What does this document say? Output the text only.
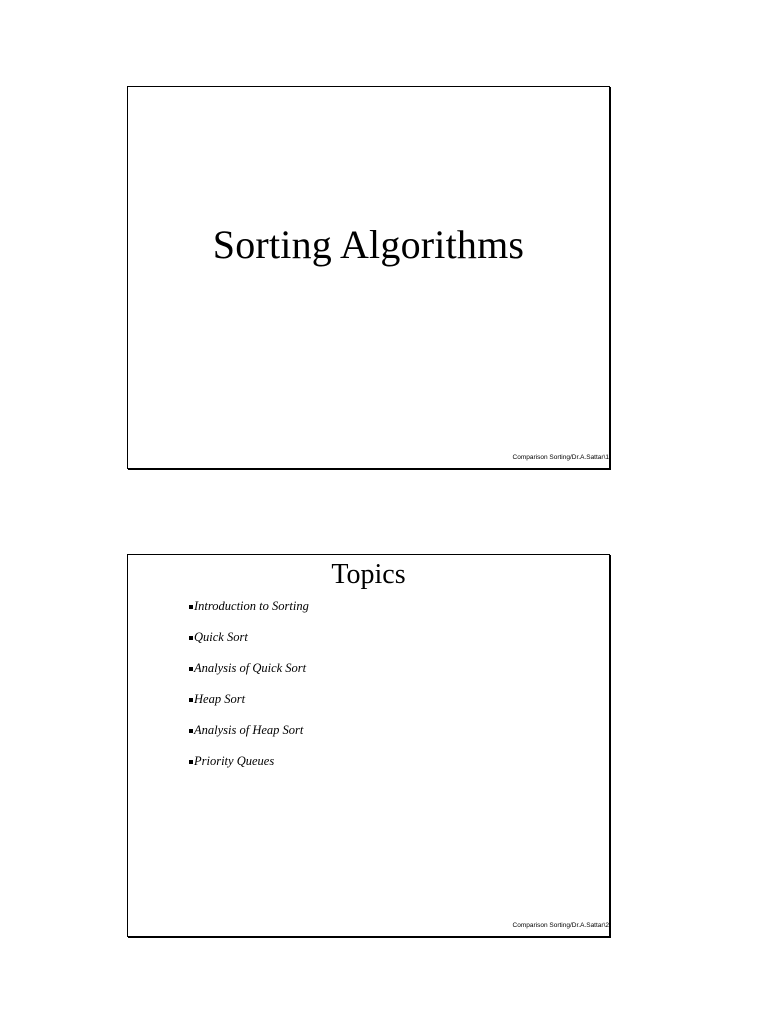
Sorting Algorithms
Comparison Sorting/Dr.A.Sattar\1
Topics
Introduction to Sorting
Quick Sort
Analysis of Quick Sort
Heap Sort
Analysis of Heap Sort
Priority Queues
Comparison Sorting/Dr.A.Sattar\2
